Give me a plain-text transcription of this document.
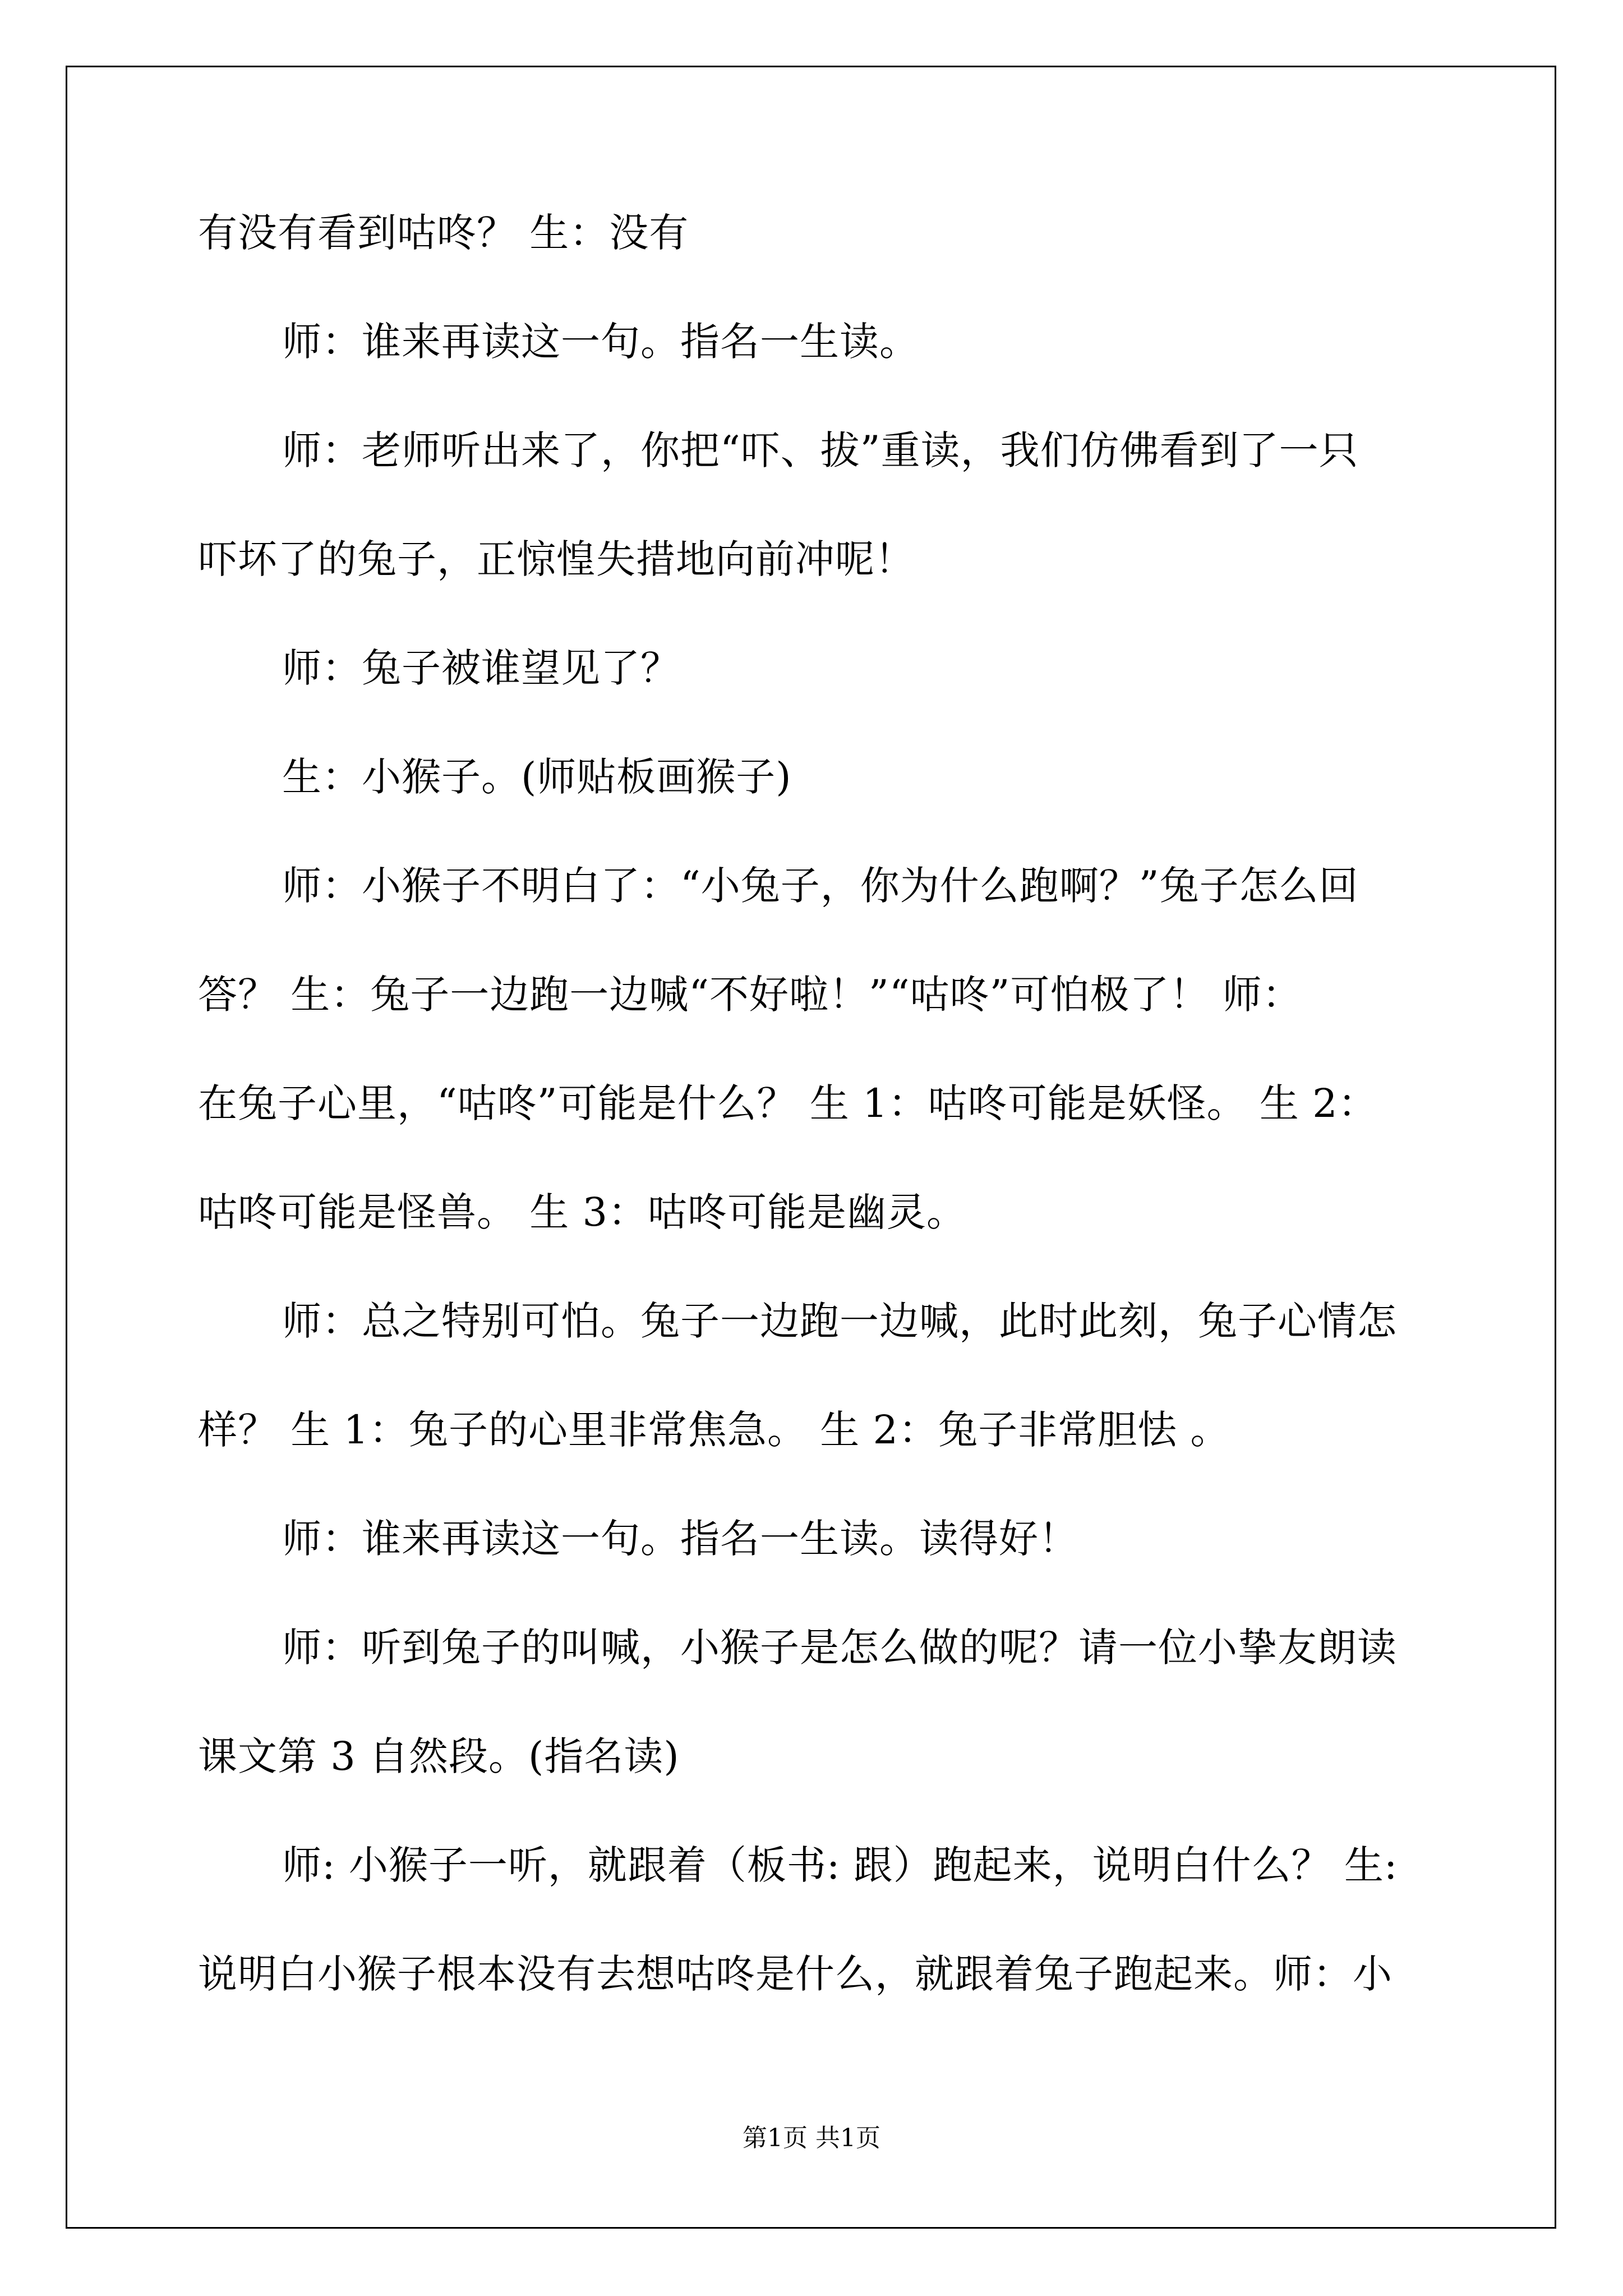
有没有看到咕咚？ 生：没有
师：谁来再读这一句。指名一生读。
师：老师听出来了，你把“吓、拔”重读，我们仿佛看到了一只
吓坏了的兔子，正惊惶失措地向前冲呢！
师：兔子被谁望见了？
生：小猴子。(师贴板画猴子)
师：小猴子不明白了：“小兔子，你为什么跑啊？”兔子怎么回
答？ 生：兔子一边跑一边喊“不好啦！”“咕咚”可怕极了！ 师：
在兔子心里，“咕咚”可能是什么？ 生 1：咕咚可能是妖怪。 生 2：
咕咚可能是怪兽。 生 3：咕咚可能是幽灵。
师：总之特别可怕。兔子一边跑一边喊，此时此刻，兔子心情怎
样？ 生 1：兔子的心里非常焦急。 生 2：兔子非常胆怯 。
师：谁来再读这一句。指名一生读。读得好！
师：听到兔子的叫喊，小猴子是怎么做的呢？请一位小挚友朗读
课文第 3 自然段。(指名读)
师: 小猴子一听，就跟着（板书: 跟）跑起来，说明白什么？ 生:
说明白小猴子根本没有去想咕咚是什么，就跟着兔子跑起来。师：小
第1页 共1页
